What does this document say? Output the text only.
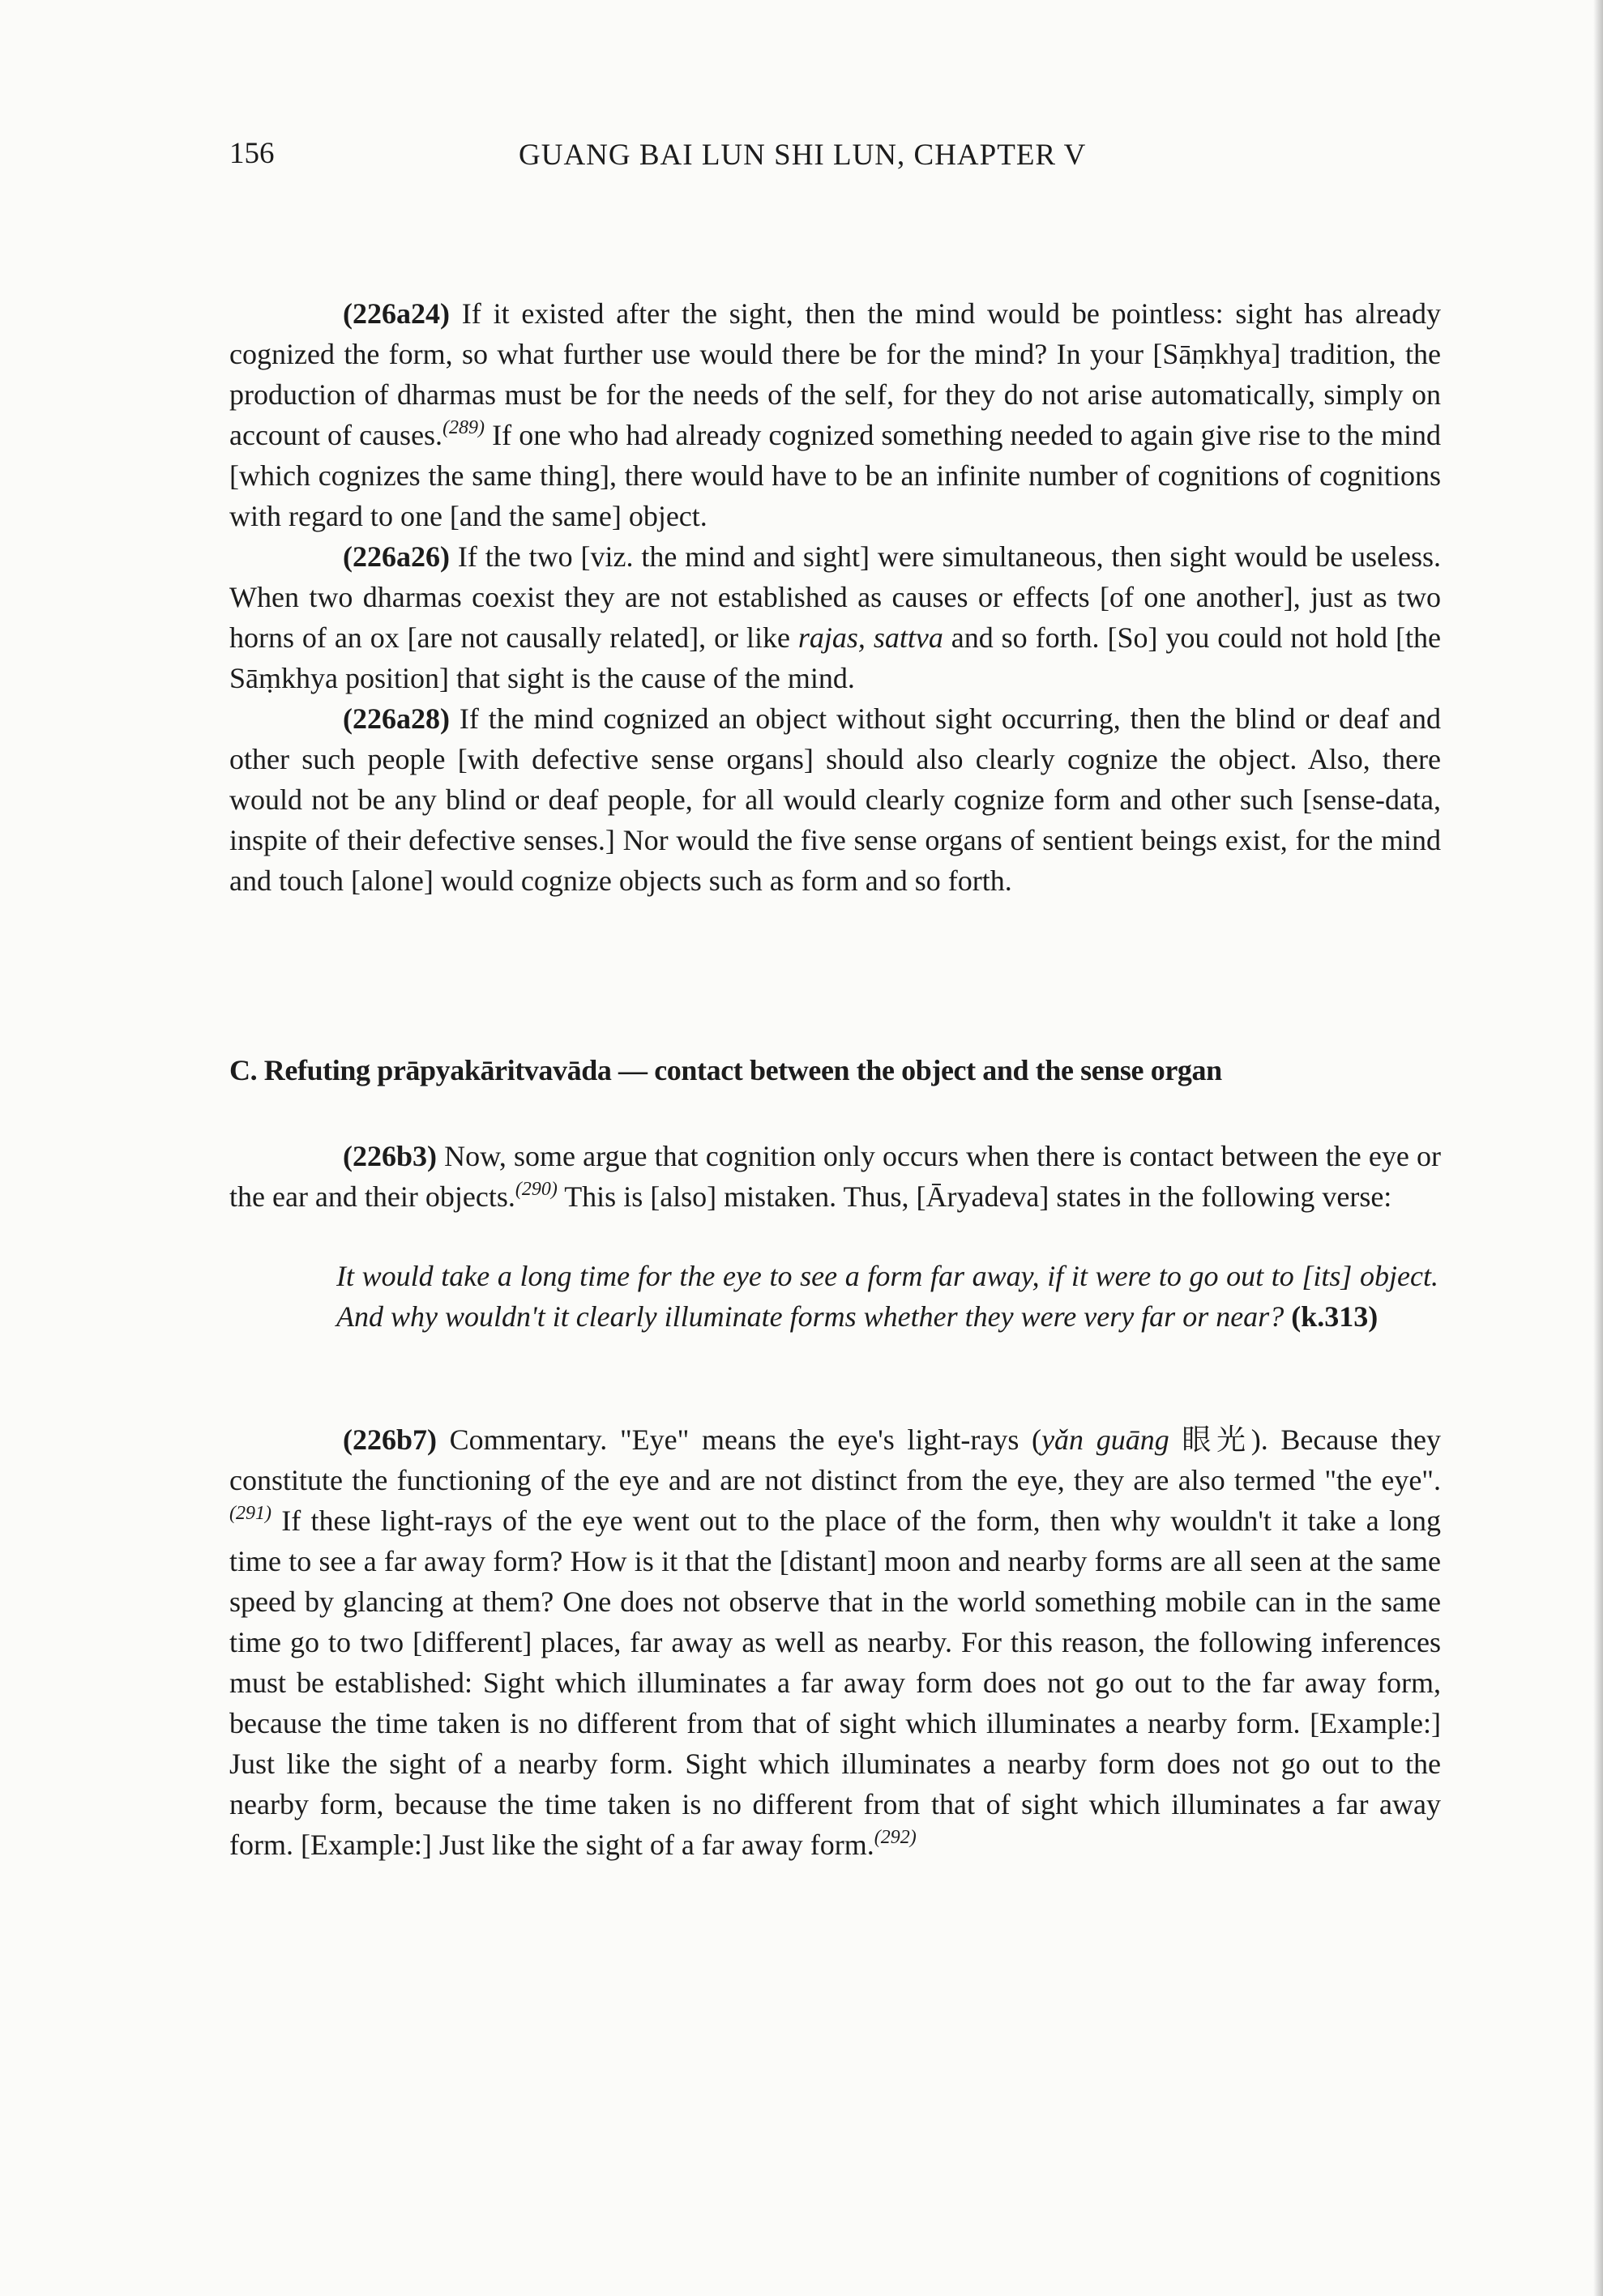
156	GUANG BAI LUN SHI LUN, CHAPTER V

(226a24) If it existed after the sight, then the mind would be pointless: sight has already cognized the form, so what further use would there be for the mind? In your [Sāṃkhya] tradition, the production of dharmas must be for the needs of the self, for they do not arise automatically, simply on account of causes.$^{(289)}$ If one who had already cognized something needed to again give rise to the mind [which cognizes the same thing], there would have to be an infinite number of cognitions of cognitions with regard to one [and the same] object.

(226a26) If the two [viz. the mind and sight] were simultaneous, then sight would be useless. When two dharmas coexist they are not established as causes or effects [of one another], just as two horns of an ox [are not causally related], or like rajas, sattva and so forth. [So] you could not hold [the Sāṃkhya position] that sight is the cause of the mind.

(226a28) If the mind cognized an object without sight occurring, then the blind or deaf and other such people [with defective sense organs] should also clearly cognize the object. Also, there would not be any blind or deaf people, for all would clearly cognize form and other such [sense-data, inspite of their defective senses.] Nor would the five sense organs of sentient beings exist, for the mind and touch [alone] would cognize objects such as form and so forth.

C. Refuting prāpyakāritvavāda — contact between the object and the sense organ

(226b3) Now, some argue that cognition only occurs when there is contact between the eye or the ear and their objects.$^{(290)}$ This is [also] mistaken. Thus, [Āryadeva] states in the following verse:

It would take a long time for the eye to see a form far away, if it were to go out to [its] object. And why wouldn't it clearly illuminate forms whether they were very far or near? (k.313)

(226b7) Commentary. "Eye" means the eye's light-rays (yǎn guāng 眼光). Because they constitute the functioning of the eye and are not distinct from the eye, they are also termed "the eye".$^{(291)}$ If these light-rays of the eye went out to the place of the form, then why wouldn't it take a long time to see a far away form? How is it that the [distant] moon and nearby forms are all seen at the same speed by glancing at them? One does not observe that in the world something mobile can in the same time go to two [different] places, far away as well as nearby. For this reason, the following inferences must be established: Sight which illuminates a far away form does not go out to the far away form, because the time taken is no different from that of sight which illuminates a nearby form. [Example:] Just like the sight of a nearby form. Sight which illuminates a nearby form does not go out to the nearby form, because the time taken is no different from that of sight which illuminates a far away form. [Example:] Just like the sight of a far away form.$^{(292)}$
